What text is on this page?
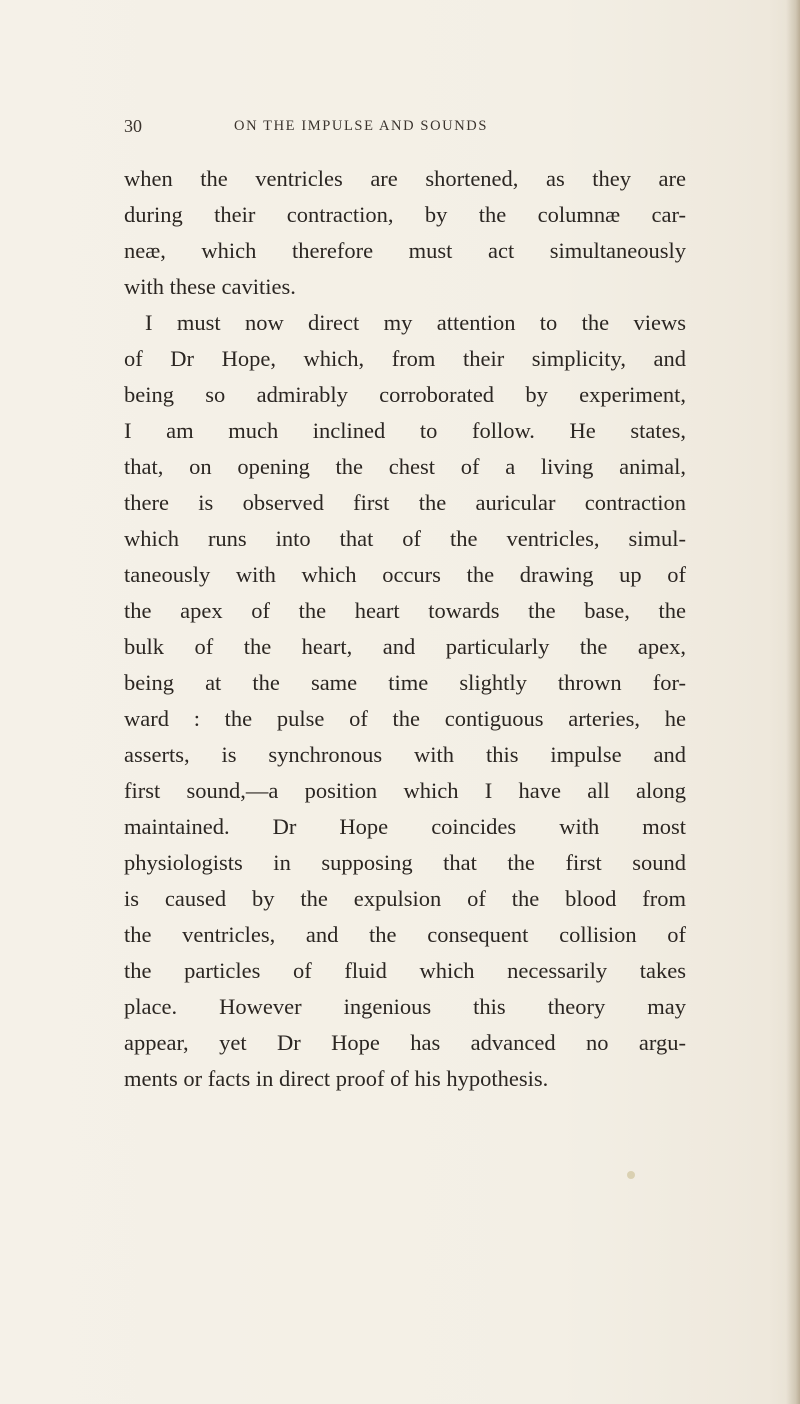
30	ON THE IMPULSE AND SOUNDS
when the ventricles are shortened, as they are
during their contraction, by the columnæ car-
neæ, which therefore must act simultaneously
with these cavities.
I must now direct my attention to the views
of Dr Hope, which, from their simplicity, and
being so admirably corroborated by experiment,
I am much inclined to follow. He states,
that, on opening the chest of a living animal,
there is observed first the auricular contraction
which runs into that of the ventricles, simul-
taneously with which occurs the drawing up of
the apex of the heart towards the base, the
bulk of the heart, and particularly the apex,
being at the same time slightly thrown for-
ward : the pulse of the contiguous arteries, he
asserts, is synchronous with this impulse and
first sound,—a position which I have all along
maintained. Dr Hope coincides with most
physiologists in supposing that the first sound
is caused by the expulsion of the blood from
the ventricles, and the consequent collision of
the particles of fluid which necessarily takes
place. However ingenious this theory may
appear, yet Dr Hope has advanced no argu-
ments or facts in direct proof of his hypothesis.
